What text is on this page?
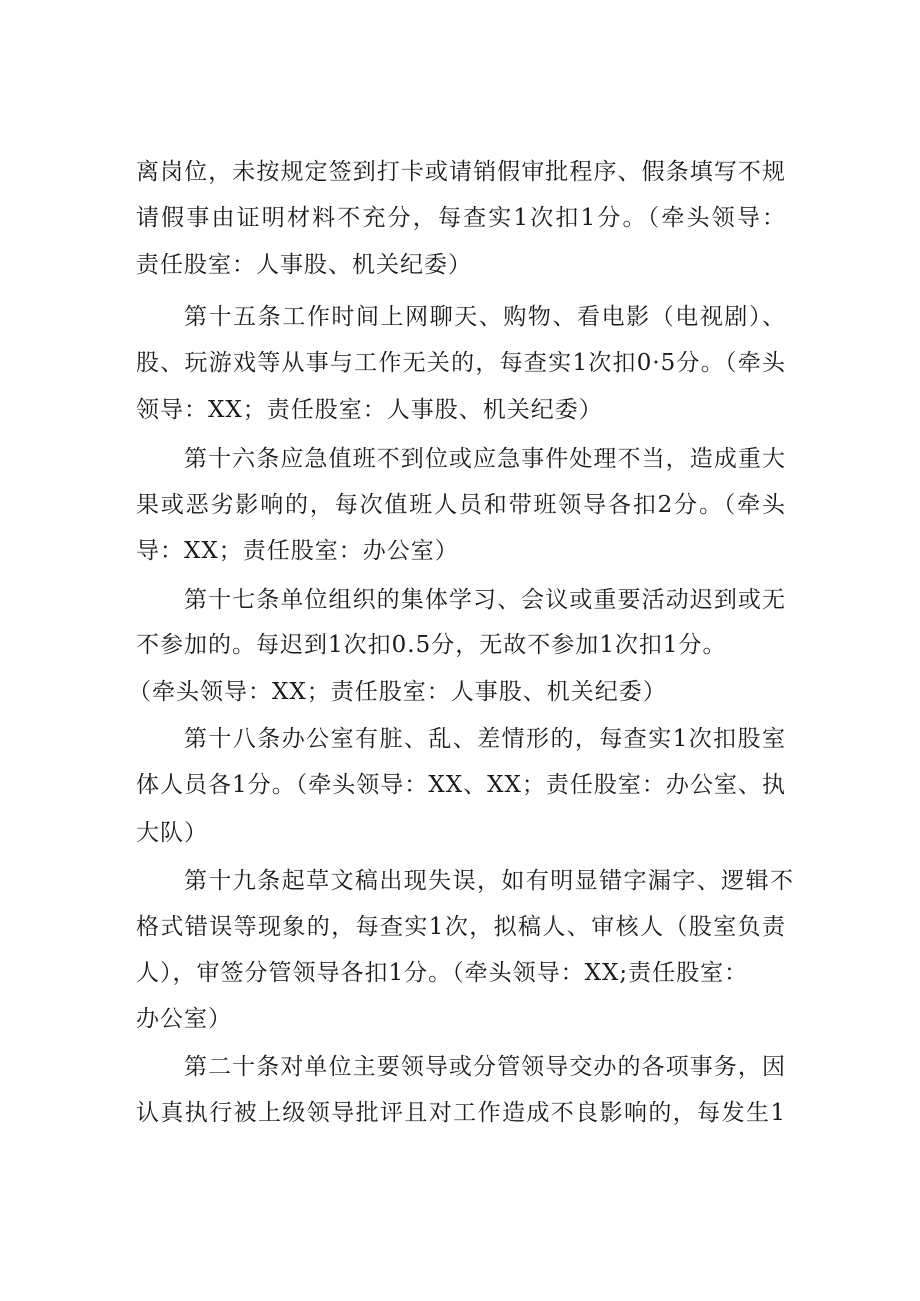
离岗位，未按规定签到打卡或请销假审批程序、假条填写不规
请假事由证明材料不充分，每查实1次扣1分。（牵头领导：
责任股室：人事股、机关纪委）
第十五条工作时间上网聊天、购物、看电影（电视剧）、
股、玩游戏等从事与工作无关的，每查实1次扣0·5分。（牵头
领导：XX；责任股室：人事股、机关纪委）
第十六条应急值班不到位或应急事件处理不当，造成重大
果或恶劣影响的，每次值班人员和带班领导各扣2分。（牵头
导：XX；责任股室：办公室）
第十七条单位组织的集体学习、会议或重要活动迟到或无
不参加的。每迟到1次扣0.5分，无故不参加1次扣1分。
（牵头领导：XX；责任股室：人事股、机关纪委）
第十八条办公室有脏、乱、差情形的，每查实1次扣股室
体人员各1分。（牵头领导：XX、XX；责任股室：办公室、执
大队）
第十九条起草文稿出现失误，如有明显错字漏字、逻辑不
格式错误等现象的，每查实1次，拟稿人、审核人（股室负责
人），审签分管领导各扣1分。（牵头领导：XX;责任股室：
办公室）
第二十条对单位主要领导或分管领导交办的各项事务，因
认真执行被上级领导批评且对工作造成不良影响的，每发生1
